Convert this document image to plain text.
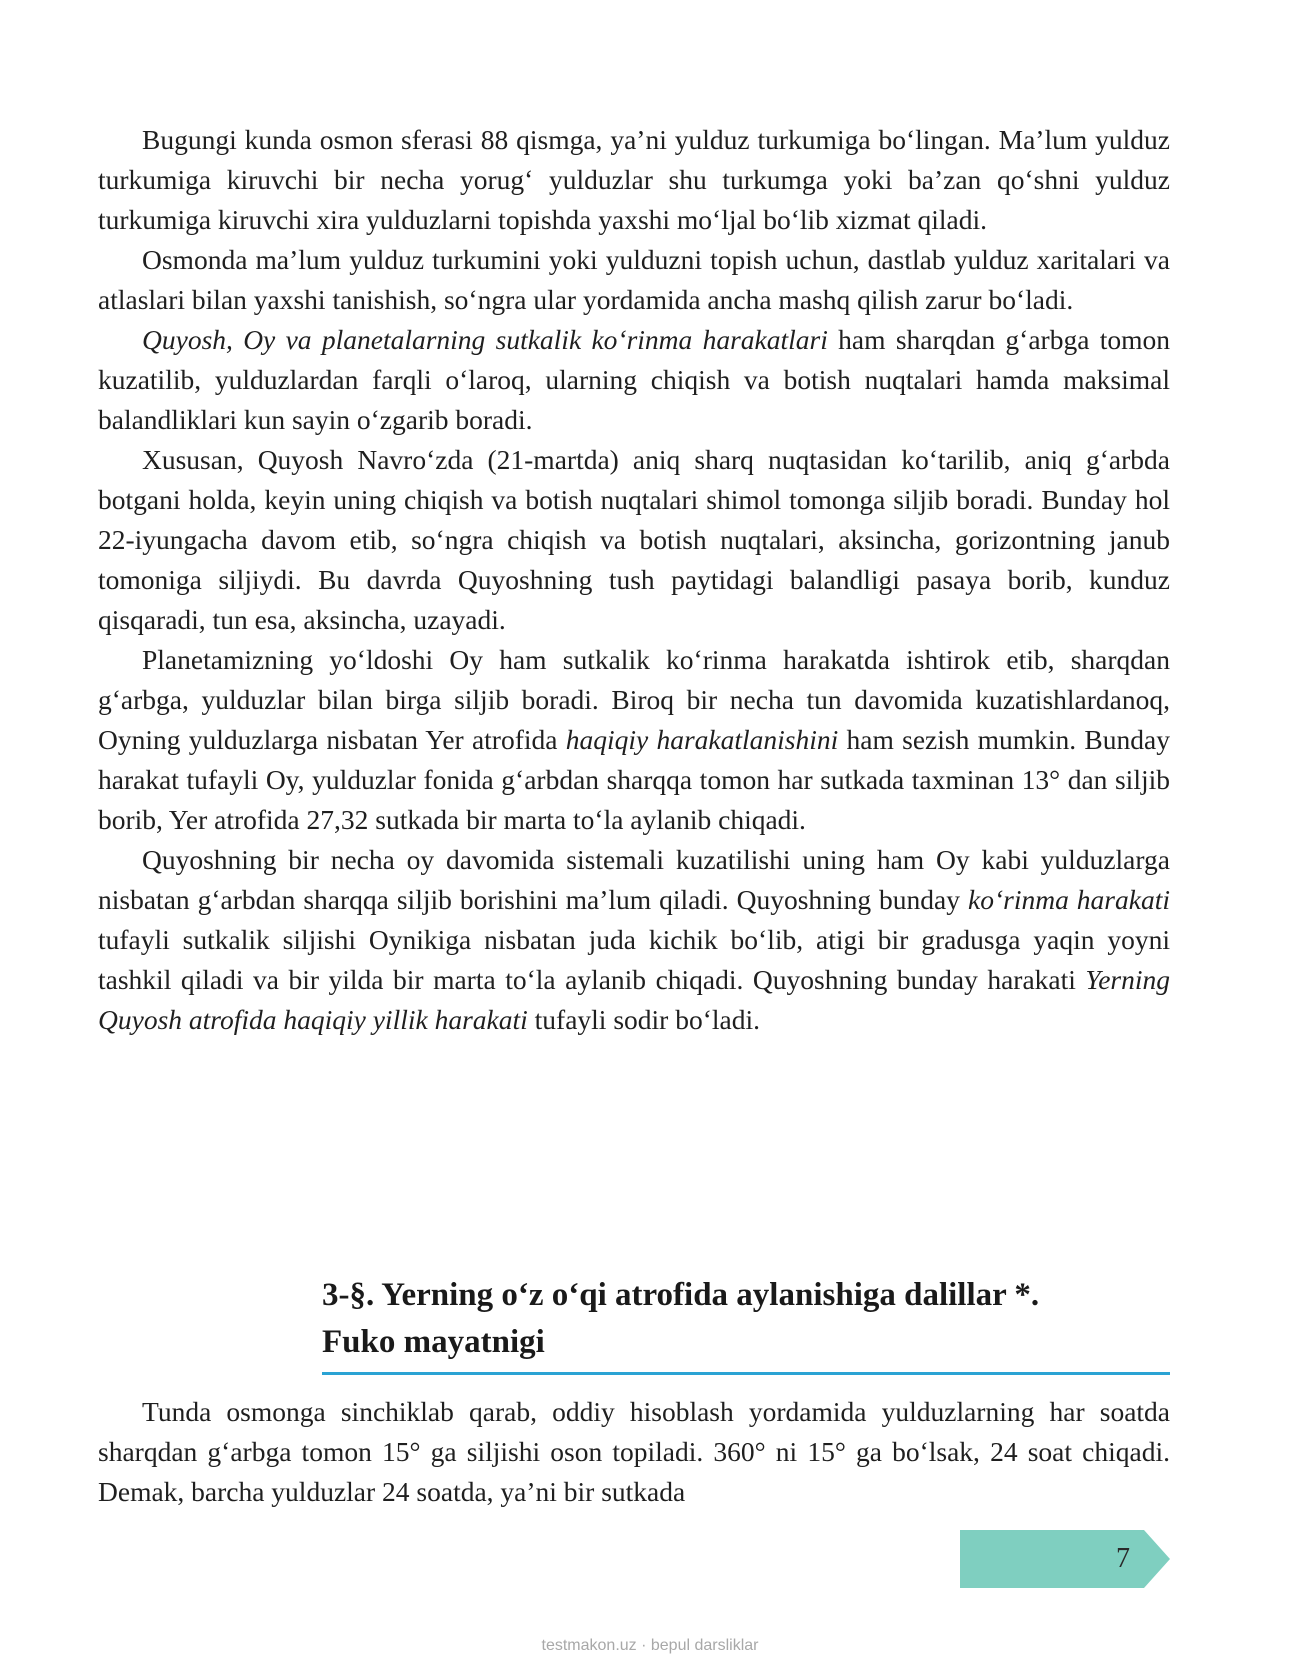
Bugungi kunda osmon sferasi 88 qismga, ya’ni yulduz turkumiga bo‘lingan. Ma’lum yulduz turkumiga kiruvchi bir necha yorug‘ yulduzlar shu turkumga yoki ba’zan qo‘shni yulduz turkumiga kiruvchi xira yulduzlarni topishda yaxshi mo‘ljal bo‘lib xizmat qiladi.

Osmonda ma’lum yulduz turkumini yoki yulduzni topish uchun, dastlab yulduz xaritalari va atlaslari bilan yaxshi tanishish, so‘ngra ular yordamida ancha mashq qilish zarur bo‘ladi.

Quyosh, Oy va planetalarning sutkalik ko‘rinma harakatlari ham sharqdan g‘arbga tomon kuzatilib, yulduzlardan farqli o‘laroq, ularning chiqish va botish nuqtalari hamda maksimal balandliklari kun sayin o‘zgarib boradi.

Xususan, Quyosh Navro‘zda (21-martda) aniq sharq nuqtasidan ko‘tarilib, aniq g‘arbda botgani holda, keyin uning chiqish va botish nuqtalari shimol tomonga siljib boradi. Bunday hol 22-iyungacha davom etib, so‘ngra chiqish va botish nuqtalari, aksincha, gorizontning janub tomoniga siljiydi. Bu davrda Quyoshning tush paytidagi balandligi pasaya borib, kunduz qisqaradi, tun esa, aksincha, uzayadi.

Planetamizning yo‘ldoshi Oy ham sutkalik ko‘rinma harakatda ishtirok etib, sharqdan g‘arbga, yulduzlar bilan birga siljib boradi. Biroq bir necha tun davomida kuzatishlardanoq, Oyning yulduzlarga nisbatan Yer atrofida haqiqiy harakatlanishini ham sezish mumkin. Bunday harakat tufayli Oy, yulduzlar fonida g‘arbdan sharqqa tomon har sutkada taxminan 13° dan siljib borib, Yer atrofida 27,32 sutkada bir marta to‘la aylanib chiqadi.

Quyoshning bir necha oy davomida sistemali kuzatilishi uning ham Oy kabi yulduzlarga nisbatan g‘arbdan sharqqa siljib borishini ma’lum qiladi. Quyoshning bunday ko‘rinma harakati tufayli sutkalik siljishi Oynikiga nisbatan juda kichik bo‘lib, atigi bir gradusga yaqin yoyni tashkil qiladi va bir yilda bir marta to‘la aylanib chiqadi. Quyoshning bunday harakati Yerning Quyosh atrofida haqiqiy yillik harakati tufayli sodir bo‘ladi.

3-§. Yerning o‘z o‘qi atrofida aylanishiga dalillar *.
Fuko mayatnigi

Tunda osmonga sinchiklab qarab, oddiy hisoblash yordamida yulduzlarning har soatda sharqdan g‘arbga tomon 15° ga siljishi oson topiladi. 360° ni 15° ga bo‘lsak, 24 soat chiqadi. Demak, barcha yulduzlar 24 soatda, ya’ni bir sutkada

7
testmakon.uz · bepul darsliklar
